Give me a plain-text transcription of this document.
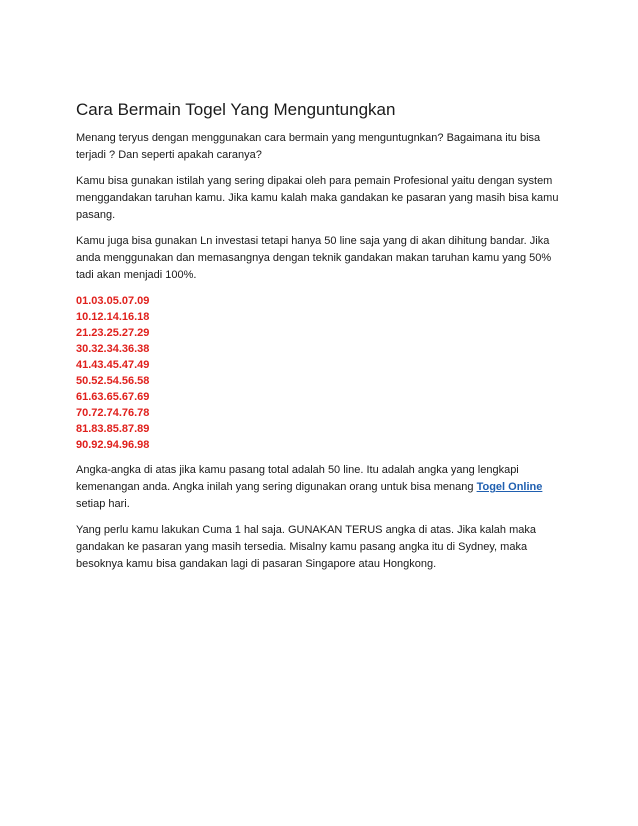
Cara Bermain Togel Yang Menguntungkan

Menang teryus dengan menggunakan cara bermain yang menguntugnkan? Bagaimana itu bisa terjadi ? Dan seperti apakah caranya?

Kamu bisa gunakan istilah yang sering dipakai oleh para pemain Profesional yaitu dengan system menggandakan taruhan kamu. Jika kamu kalah maka gandakan ke pasaran yang masih bisa kamu pasang.

Kamu juga bisa gunakan Ln investasi tetapi hanya 50 line saja yang di akan dihitung bandar. Jika anda menggunakan dan memasangnya dengan teknik gandakan makan taruhan kamu yang 50% tadi akan menjadi 100%.

01.03.05.07.09
10.12.14.16.18
21.23.25.27.29
30.32.34.36.38
41.43.45.47.49
50.52.54.56.58
61.63.65.67.69
70.72.74.76.78
81.83.85.87.89
90.92.94.96.98

Angka-angka di atas jika kamu pasang total adalah 50 line. Itu adalah angka yang lengkapi kemenangan anda. Angka inilah yang sering digunakan orang untuk bisa menang Togel Online setiap hari.

Yang perlu kamu lakukan Cuma 1 hal saja. GUNAKAN TERUS angka di atas. Jika kalah maka gandakan ke pasaran yang masih tersedia. Misalny kamu pasang angka itu di Sydney, maka besoknya kamu bisa gandakan lagi di pasaran Singapore atau Hongkong.
